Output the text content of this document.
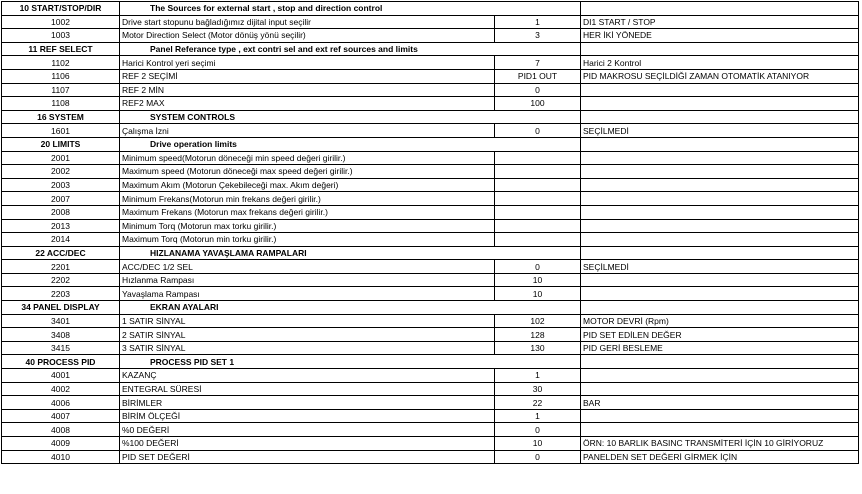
10 START/STOP/DIR	The Sources for external start , stop and direction control		
1002	Drive start stopunu bağladığımız dijital input seçilir	1	DI1 START / STOP
1003	Motor Direction Select (Motor dönüş yönü seçilir)	3	HER İKİ YÖNEDE
11 REF SELECT	Panel Referance type , ext contri sel and ext ref sources and limits		
1102	Harici Kontrol yeri seçimi	7	Harici 2 Kontrol
1106	REF 2 SEÇİMİ	PID1 OUT	PID MAKROSU SEÇİLDİĞİ ZAMAN OTOMATİK ATANIYOR
1107	REF 2 MİN	0	
1108	REF2 MAX	100	
16 SYSTEM	SYSTEM CONTROLS		
1601	Çalışma İzni	0	SEÇİLMEDİ
20 LIMITS	Drive operation limits		
2001	Minimum speed(Motorun döneceği min speed değeri girilir.)		
2002	Maximum speed (Motorun döneceği max speed değeri girilir.)		
2003	Maximum Akım (Motorun Çekebileceği max. Akım değeri)		
2007	Minimum Frekans(Motorun min frekans değeri girilir.)		
2008	Maximum Frekans (Motorun max frekans değeri girilir.)		
2013	Minimum Torq (Motorun max torku girilir.)		
2014	Maximum Torq (Motorun min torku girilir.)		
22 ACC/DEC	HIZLANAMA YAVAŞLAMA RAMPALARI		
2201	ACC/DEC 1/2 SEL	0	SEÇİLMEDİ
2202	Hızlanma Rampası	10	
2203	Yavaşlama Rampası	10	
34 PANEL DISPLAY	EKRAN AYALARI		
3401	1 SATIR SİNYAL	102	MOTOR DEVRİ (Rpm)
3408	2 SATIR SİNYAL	128	PID SET EDİLEN DEĞER
3415	3 SATIR SİNYAL	130	PID GERİ BESLEME
40 PROCESS PID	PROCESS PID SET 1		
4001	KAZANÇ	1	
4002	ENTEGRAL SÜRESİ	30	
4006	BİRİMLER	22	BAR
4007	BİRİM ÖLÇEĞİ	1	
4008	%0 DEĞERİ	0	
4009	%100 DEĞERİ	10	ÖRN: 10 BARLIK BASINC TRANSMİTERİ İÇİN 10 GİRİYORUZ
4010	PID SET DEĞERİ	0	PANELDEN SET DEĞERİ GİRMEK İÇİN
